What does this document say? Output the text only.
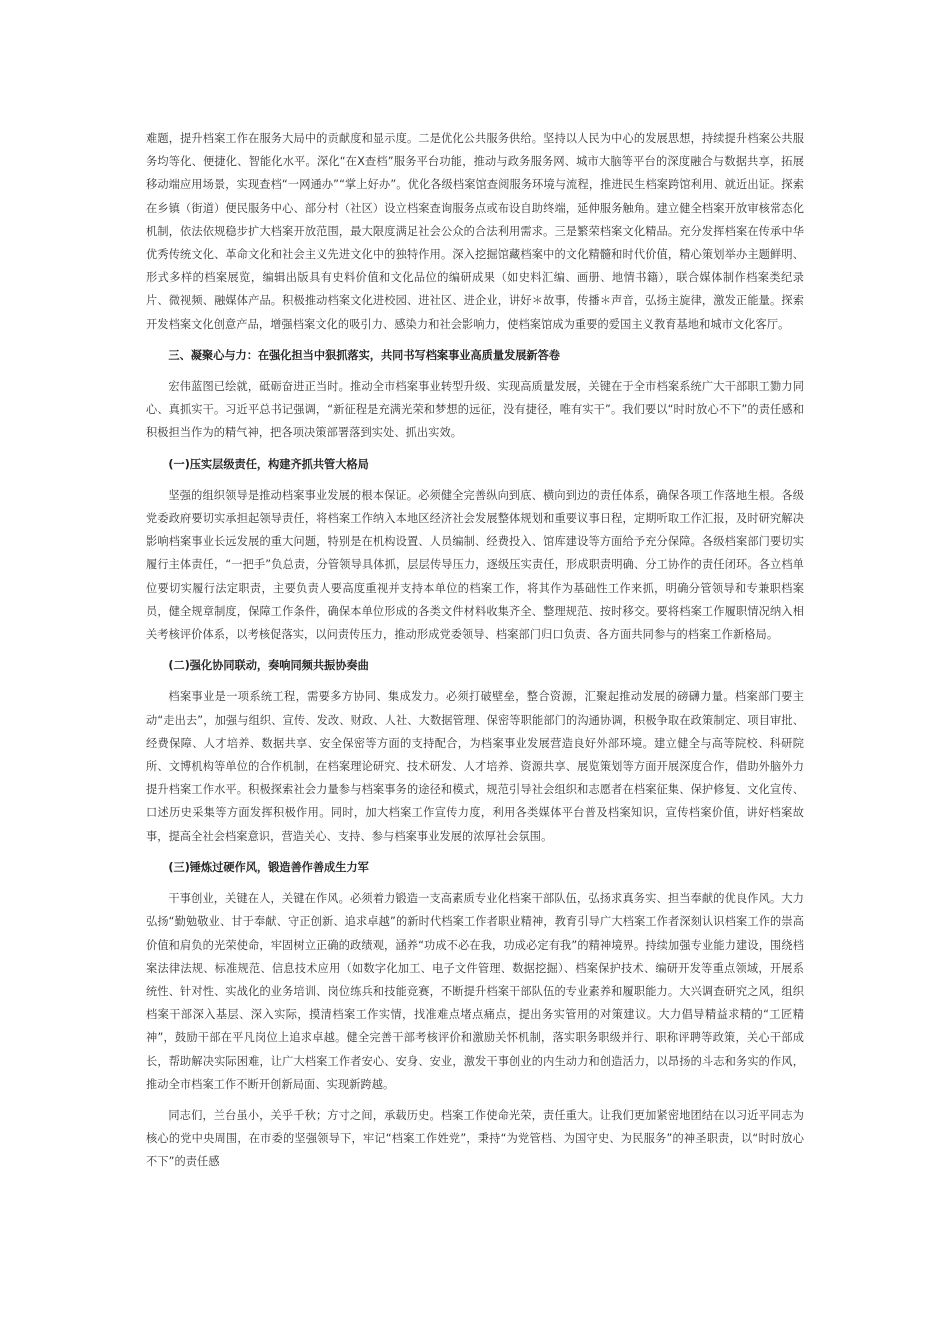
难题，提升档案工作在服务大局中的贡献度和显示度。二是优化公共服务供给。坚持以人民为中心的发展思想，持续提升档案公共服务均等化、便捷化、智能化水平。深化“在X查档”服务平台功能，推动与政务服务网、城市大脑等平台的深度融合与数据共享，拓展移动端应用场景，实现查档“一网通办”“掌上好办”。优化各级档案馆查阅服务环境与流程，推进民生档案跨馆利用、就近出证。探索在乡镇（街道）便民服务中心、部分村（社区）设立档案查询服务点或布设自助终端，延伸服务触角。建立健全档案开放审核常态化机制，依法依规稳步扩大档案开放范围，最大限度满足社会公众的合法利用需求。三是繁荣档案文化精品。充分发挥档案在传承中华优秀传统文化、革命文化和社会主义先进文化中的独特作用。深入挖掘馆藏档案中的文化精髓和时代价值，精心策划举办主题鲜明、形式多样的档案展览，编辑出版具有史料价值和文化品位的编研成果（如史料汇编、画册、地情书籍），联合媒体制作档案类纪录片、微视频、融媒体产品。积极推动档案文化进校园、进社区、进企业，讲好＊故事，传播＊声音，弘扬主旋律，激发正能量。探索开发档案文化创意产品，增强档案文化的吸引力、感染力和社会影响力，使档案馆成为重要的爱国主义教育基地和城市文化客厅。

三、凝聚心与力：在强化担当中狠抓落实，共同书写档案事业高质量发展新答卷

宏伟蓝图已绘就，砥砺奋进正当时。推动全市档案事业转型升级、实现高质量发展，关键在于全市档案系统广大干部职工勠力同心、真抓实干。习近平总书记强调，“新征程是充满光荣和梦想的远征，没有捷径，唯有实干”。我们要以“时时放心不下”的责任感和积极担当作为的精气神，把各项决策部署落到实处、抓出实效。

(一)压实层级责任，构建齐抓共管大格局

坚强的组织领导是推动档案事业发展的根本保证。必须健全完善纵向到底、横向到边的责任体系，确保各项工作落地生根。各级党委政府要切实承担起领导责任，将档案工作纳入本地区经济社会发展整体规划和重要议事日程，定期听取工作汇报，及时研究解决影响档案事业长远发展的重大问题，特别是在机构设置、人员编制、经费投入、馆库建设等方面给予充分保障。各级档案部门要切实履行主体责任，“一把手”负总责，分管领导具体抓，层层传导压力，逐级压实责任，形成职责明确、分工协作的责任闭环。各立档单位要切实履行法定职责，主要负责人要高度重视并支持本单位的档案工作，将其作为基础性工作来抓，明确分管领导和专兼职档案员，健全规章制度，保障工作条件，确保本单位形成的各类文件材料收集齐全、整理规范、按时移交。要将档案工作履职情况纳入相关考核评价体系，以考核促落实，以问责传压力，推动形成党委领导、档案部门归口负责、各方面共同参与的档案工作新格局。

(二)强化协同联动，奏响同频共振协奏曲

档案事业是一项系统工程，需要多方协同、集成发力。必须打破壁垒，整合资源，汇聚起推动发展的磅礴力量。档案部门要主动“走出去”，加强与组织、宣传、发改、财政、人社、大数据管理、保密等职能部门的沟通协调，积极争取在政策制定、项目审批、经费保障、人才培养、数据共享、安全保密等方面的支持配合，为档案事业发展营造良好外部环境。建立健全与高等院校、科研院所、文博机构等单位的合作机制，在档案理论研究、技术研发、人才培养、资源共享、展览策划等方面开展深度合作，借助外脑外力提升档案工作水平。积极探索社会力量参与档案事务的途径和模式，规范引导社会组织和志愿者在档案征集、保护修复、文化宣传、口述历史采集等方面发挥积极作用。同时，加大档案工作宣传力度，利用各类媒体平台普及档案知识，宣传档案价值，讲好档案故事，提高全社会档案意识，营造关心、支持、参与档案事业发展的浓厚社会氛围。

(三)锤炼过硬作风，锻造善作善成生力军

干事创业，关键在人，关键在作风。必须着力锻造一支高素质专业化档案干部队伍，弘扬求真务实、担当奉献的优良作风。大力弘扬“勤勉敬业、甘于奉献、守正创新、追求卓越”的新时代档案工作者职业精神，教育引导广大档案工作者深刻认识档案工作的崇高价值和肩负的光荣使命，牢固树立正确的政绩观，涵养“功成不必在我，功成必定有我”的精神境界。持续加强专业能力建设，围绕档案法律法规、标准规范、信息技术应用（如数字化加工、电子文件管理、数据挖掘）、档案保护技术、编研开发等重点领域，开展系统性、针对性、实战化的业务培训、岗位练兵和技能竞赛，不断提升档案干部队伍的专业素养和履职能力。大兴调查研究之风，组织档案干部深入基层、深入实际，摸清档案工作实情，找准难点堵点痛点，提出务实管用的对策建议。大力倡导精益求精的“工匠精神”，鼓励干部在平凡岗位上追求卓越。健全完善干部考核评价和激励关怀机制，落实职务职级并行、职称评聘等政策，关心干部成长，帮助解决实际困难，让广大档案工作者安心、安身、安业，激发干事创业的内生动力和创造活力，以昂扬的斗志和务实的作风，推动全市档案工作不断开创新局面、实现新跨越。

同志们，兰台虽小，关乎千秋；方寸之间，承载历史。档案工作使命光荣，责任重大。让我们更加紧密地团结在以习近平同志为核心的党中央周围，在市委的坚强领导下，牢记“档案工作姓党”，秉持“为党管档、为国守史、为民服务”的神圣职责，以“时时放心不下”的责任感
